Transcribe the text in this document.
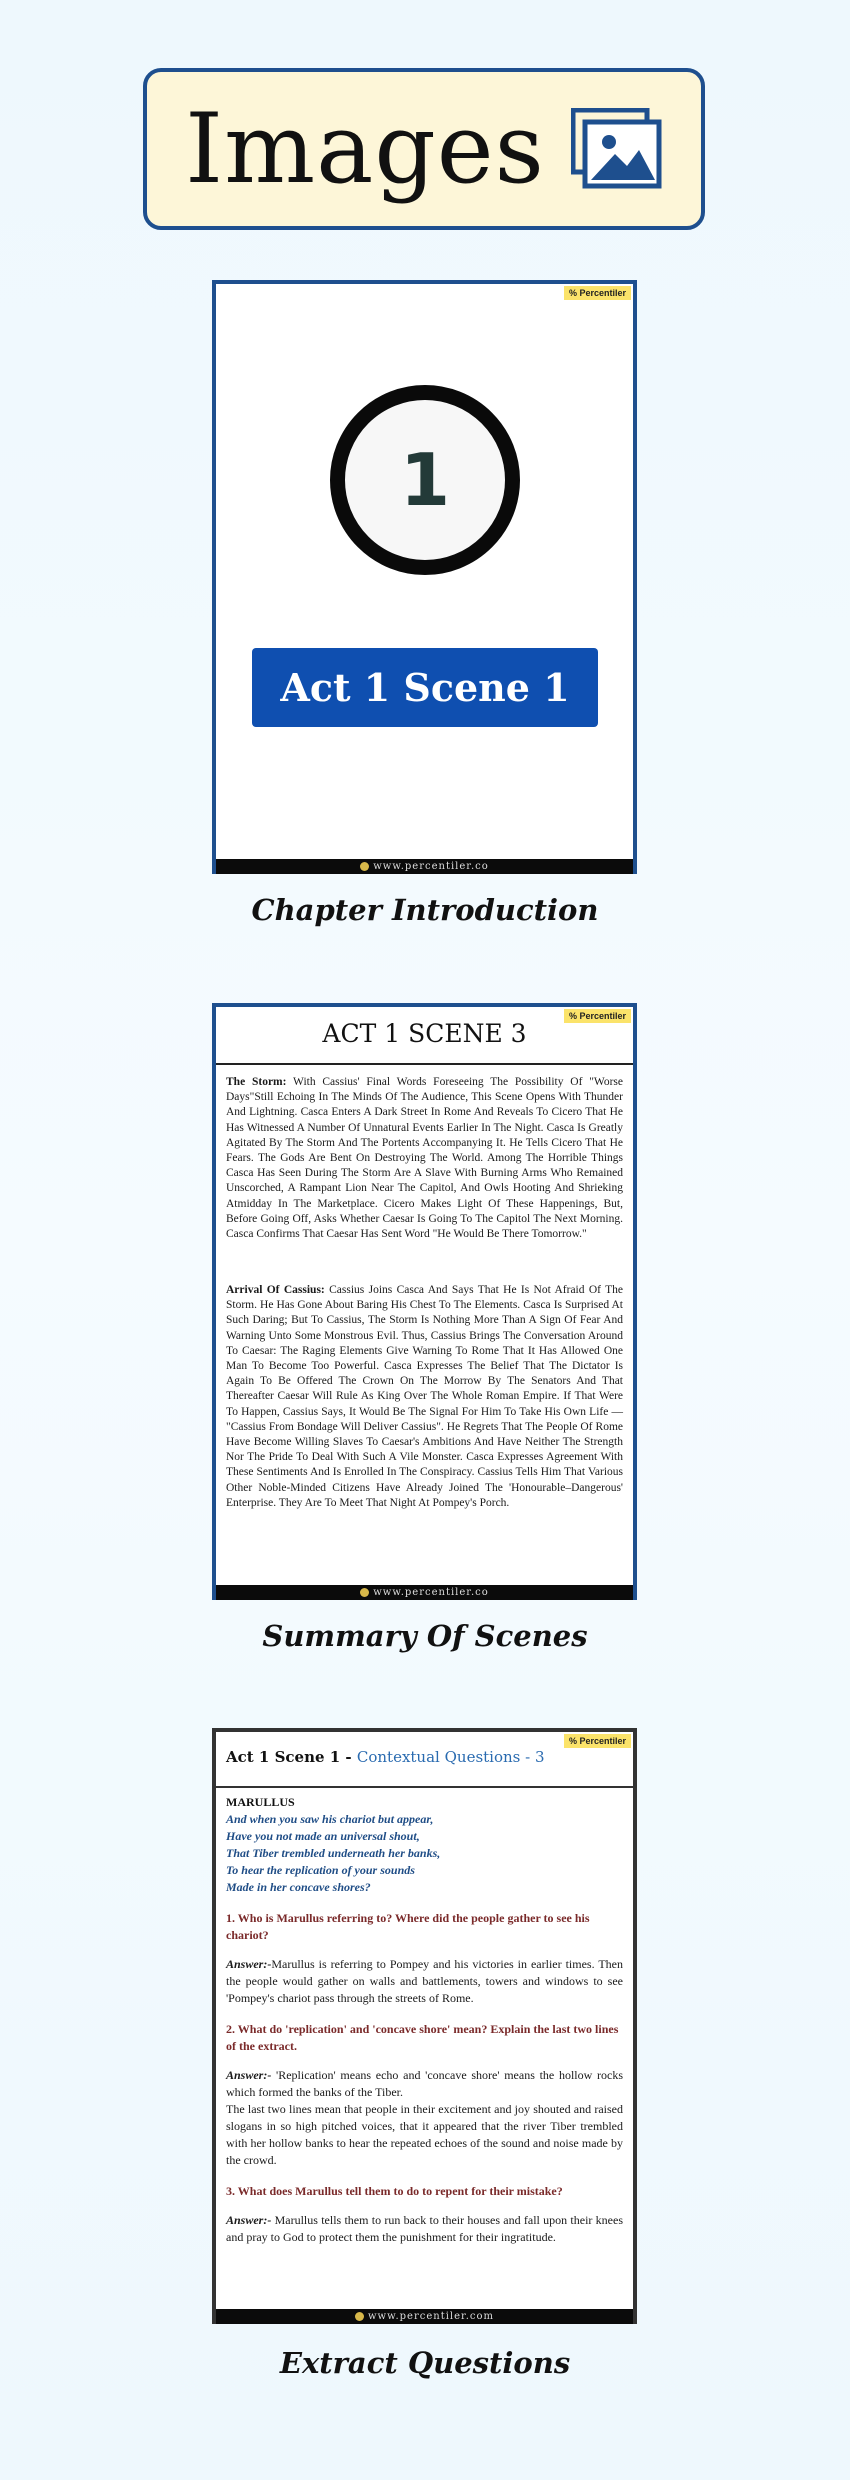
Images
% Percentiler
1
Act 1 Scene 1
www.percentiler.co
Chapter Introduction
% Percentiler
ACT 1 SCENE 3
The Storm: With Cassius' Final Words Foreseeing The Possibility Of "Worse Days"Still Echoing In The Minds Of The Audience, This Scene Opens With Thunder And Lightning. Casca Enters A Dark Street In Rome And Reveals To Cicero That He Has Witnessed A Number Of Unnatural Events Earlier In The Night. Casca Is Greatly Agitated By The Storm And The Portents Accompanying It. He Tells Cicero That He Fears. The Gods Are Bent On Destroying The World. Among The Horrible Things Casca Has Seen During The Storm Are A Slave With Burning Arms Who Remained Unscorched, A Rampant Lion Near The Capitol, And Owls Hooting And Shrieking Atmidday In The Marketplace. Cicero Makes Light Of These Happenings, But, Before Going Off, Asks Whether Caesar Is Going To The Capitol The Next Morning. Casca Confirms That Caesar Has Sent Word "He Would Be There Tomorrow."
Arrival Of Cassius: Cassius Joins Casca And Says That He Is Not Afraid Of The Storm. He Has Gone About Baring His Chest To The Elements. Casca Is Surprised At Such Daring; But To Cassius, The Storm Is Nothing More Than A Sign Of Fear And Warning Unto Some Monstrous Evil. Thus, Cassius Brings The Conversation Around To Caesar: The Raging Elements Give Warning To Rome That It Has Allowed One Man To Become Too Powerful. Casca Expresses The Belief That The Dictator Is Again To Be Offered The Crown On The Morrow By The Senators And That Thereafter Caesar Will Rule As King Over The Whole Roman Empire. If That Were To Happen, Cassius Says, It Would Be The Signal For Him To Take His Own Life — "Cassius From Bondage Will Deliver Cassius". He Regrets That The People Of Rome Have Become Willing Slaves To Caesar's Ambitions And Have Neither The Strength Nor The Pride To Deal With Such A Vile Monster. Casca Expresses Agreement With These Sentiments And Is Enrolled In The Conspiracy. Cassius Tells Him That Various Other Noble-Minded Citizens Have Already Joined The 'Honourable–Dangerous' Enterprise. They Are To Meet That Night At Pompey's Porch.
www.percentiler.co
Summary Of Scenes
% Percentiler
Act 1 Scene 1 - Contextual Questions - 3
MARULLUS
And when you saw his chariot but appear,
Have you not made an universal shout,
That Tiber trembled underneath her banks,
To hear the replication of your sounds
Made in her concave shores?
1. Who is Marullus referring to? Where did the people gather to see his chariot?
Answer:-Marullus is referring to Pompey and his victories in earlier times. Then the people would gather on walls and battlements, towers and windows to see 'Pompey's chariot pass through the streets of Rome.
2. What do 'replication' and 'concave shore' mean? Explain the last two lines of the extract.
Answer:- 'Replication' means echo and 'concave shore' means the hollow rocks which formed the banks of the Tiber.
The last two lines mean that people in their excitement and joy shouted and raised slogans in so high pitched voices, that it appeared that the river Tiber trembled with her hollow banks to hear the repeated echoes of the sound and noise made by the crowd.
3. What does Marullus tell them to do to repent for their mistake?
Answer:- Marullus tells them to run back to their houses and fall upon their knees and pray to God to protect them the punishment for their ingratitude.
www.percentiler.com
Extract Questions
